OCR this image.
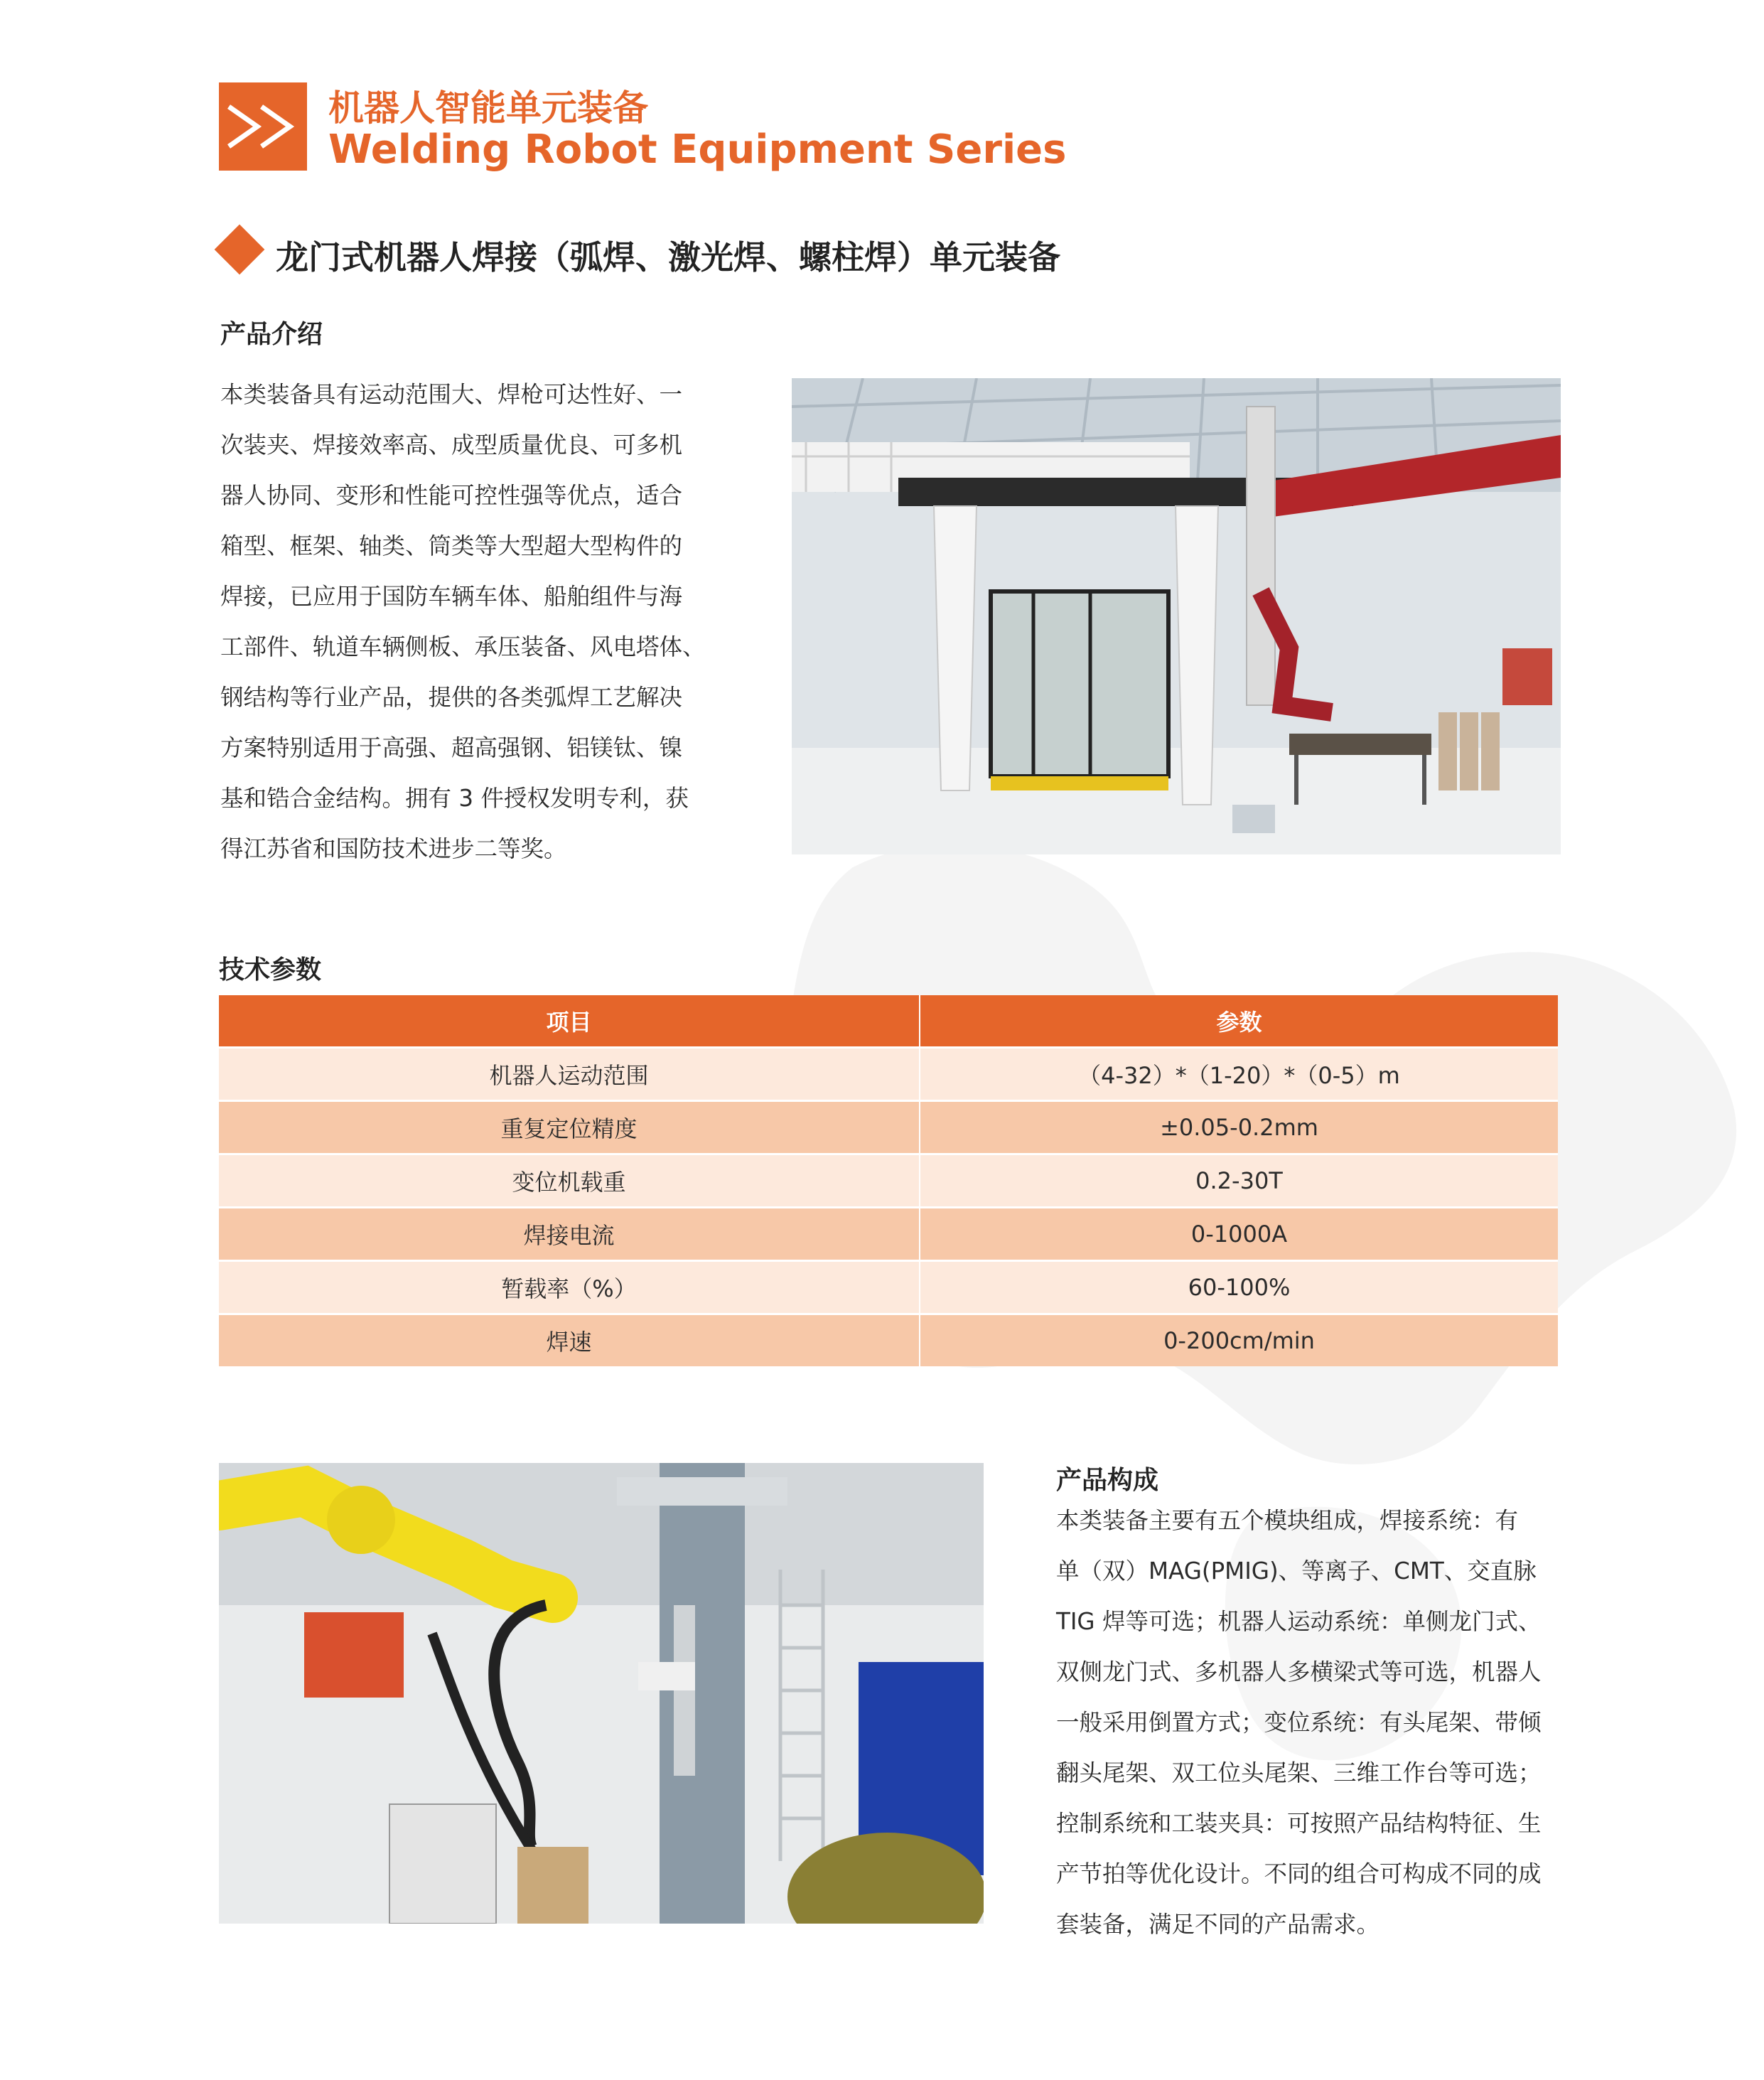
机器人智能单元装备
Welding Robot Equipment Series
龙门式机器人焊接（弧焊、激光焊、螺柱焊）单元装备
产品介绍
本类装备具有运动范围大、焊枪可达性好、一
次装夹、焊接效率高、成型质量优良、可多机
器人协同、变形和性能可控性强等优点，适合
箱型、框架、轴类、筒类等大型超大型构件的
焊接，已应用于国防车辆车体、船舶组件与海
工部件、轨道车辆侧板、承压装备、风电塔体、
钢结构等行业产品，提供的各类弧焊工艺解决
方案特别适用于高强、超高强钢、铝镁钛、镍
基和锆合金结构。拥有 3 件授权发明专利，获
得江苏省和国防技术进步二等奖。
技术参数
项目	参数
机器人运动范围	（4-32）*（1-20）*（0-5）m
重复定位精度	±0.05-0.2mm
变位机载重	0.2-30T
焊接电流	0-1000A
暂载率（%）	60-100%
焊速	0-200cm/min
产品构成
本类装备主要有五个模块组成，焊接系统：有
单（双）MAG(PMIG)、等离子、CMT、交直脉
TIG 焊等可选；机器人运动系统：单侧龙门式、
双侧龙门式、多机器人多横梁式等可选，机器人
一般采用倒置方式；变位系统：有头尾架、带倾
翻头尾架、双工位头尾架、三维工作台等可选；
控制系统和工装夹具：可按照产品结构特征、生
产节拍等优化设计。不同的组合可构成不同的成
套装备，满足不同的产品需求。
